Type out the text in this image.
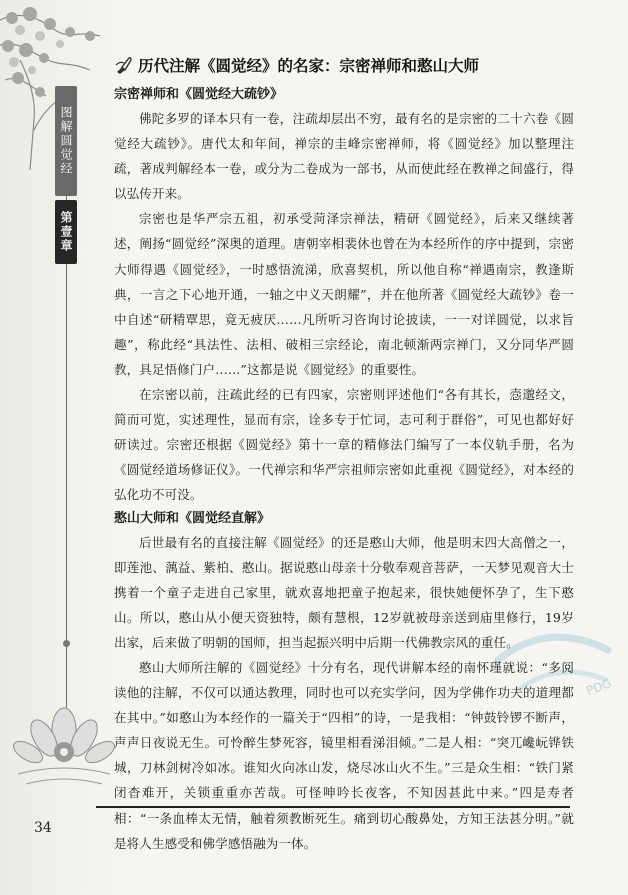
图解圆觉经
第壹章
PDG
历代注解《圆觉经》的名家：宗密禅师和憨山大师
宗密禅师和《圆觉经大疏钞》

佛陀多罗的译本只有一卷，注疏却层出不穷，最有名的是宗密的二十六卷《圆觉经大疏钞》。唐代太和年间，禅宗的圭峰宗密禅师，将《圆觉经》加以整理注疏，著成判解经本一卷，或分为二卷成为一部书，从而使此经在教禅之间盛行，得以弘传开来。

宗密也是华严宗五祖，初承受菏泽宗禅法，精研《圆觉经》，后来又继续著述，阐扬“圆觉经”深奥的道理。唐朝宰相裴休也曾在为本经所作的序中提到，宗密大师得遇《圆觉经》，一时感悟流涕，欣喜契机，所以他自称“禅遇南宗，教逢斯典，一言之下心地开通，一轴之中义天朗耀”，并在他所著《圆觉经大疏钞》卷一中自述“研精覃思，竟无疲厌……凡所听习咨询讨论披读，一一对详圆觉，以求旨趣”，称此经“具法性、法相、破相三宗经论，南北顿渐两宗禅门，又分同华严圆教，具足悟修门户……”这都是说《圆觉经》的重要性。

在宗密以前，注疏此经的已有四家，宗密则评述他们“各有其长，悫邈经文，简而可览，实述理性，显而有宗，诠多专于忙词，志可利于群俗”，可见也都好好研读过。宗密还根据《圆觉经》第十一章的精修法门编写了一本仪轨手册，名为《圆觉经道场修证仪》。一代禅宗和华严宗祖师宗密如此重视《圆觉经》，对本经的弘化功不可没。

憨山大师和《圆觉经直解》

后世最有名的直接注解《圆觉经》的还是憨山大师，他是明末四大高僧之一，即莲池、蕅益、紫柏、憨山。据说憨山母亲十分敬奉观音菩萨，一天梦见观音大士携着一个童子走进自己家里，就欢喜地把童子抱起来，很快她便怀孕了，生下憨山。所以，憨山从小便天资独特，颇有慧根，12岁就被母亲送到庙里修行，19岁出家，后来做了明朝的国师，担当起振兴明中后期一代佛教宗风的重任。

憨山大师所注解的《圆觉经》十分有名，现代讲解本经的南怀瑾就说：“多阅读他的注解，不仅可以通达教理，同时也可以充实学问，因为学佛作功夫的道理都在其中。”如憨山为本经作的一篇关于“四相”的诗，一是我相：“钟鼓铃锣不断声，声声日夜说无生。可怜醉生梦死容，镜里相看涕泪倾。”二是人相：“突兀巉岏铧铁城，刀林剑树冷如冰。谁知火向冰山发，烧尽冰山火不生。”三是众生相：“铁门紧闭杳难开，关锁重重亦苦哉。可怪呻吟长夜客，不知因甚此中来。”四是寿者相：“一条血棒太无情，触着须教断死生。痛到切心酸鼻处，方知王法甚分明。”就是将人生感受和佛学感悟融为一体。

34
